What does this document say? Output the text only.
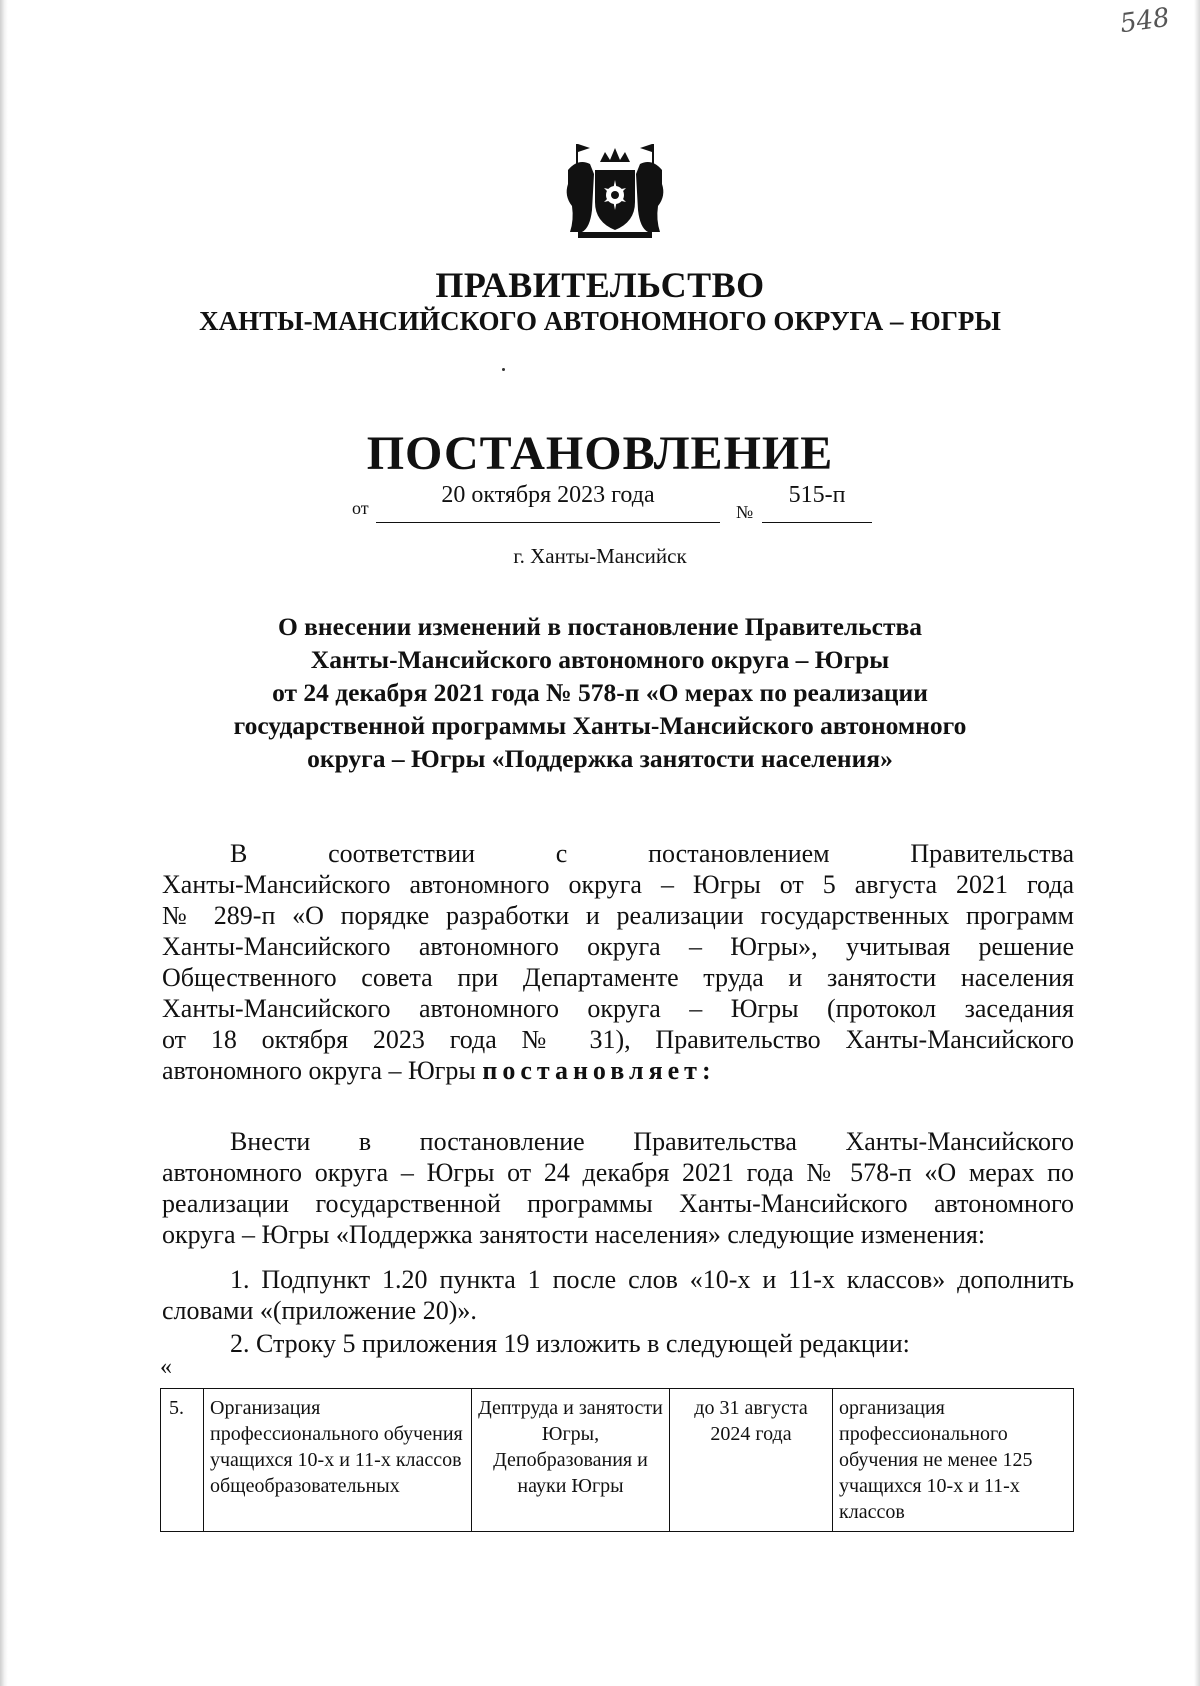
548
ПРАВИТЕЛЬСТВО
ХАНТЫ-МАНСИЙСКОГО АВТОНОМНОГО ОКРУГА – ЮГРЫ
ПОСТАНОВЛЕНИЕ
от	20 октября 2023 года
№
515-п
г. Ханты-Мансийск
О внесении изменений в постановление Правительства
Ханты-Мансийского автономного округа – Югры
от 24 декабря 2021 года № 578-п «О мерах по реализации
государственной программы Ханты-Мансийского автономного
округа – Югры «Поддержка занятости населения»
В соответствии с постановлением Правительства
Ханты-Мансийского автономного округа – Югры от 5 августа 2021 года
№ 289-п «О порядке разработки и реализации государственных программ
Ханты-Мансийского автономного округа – Югры», учитывая решение
Общественного совета при Департаменте труда и занятости населения
Ханты-Мансийского автономного округа – Югры (протокол заседания
от 18 октября 2023 года № 31), Правительство Ханты-Мансийского
автономного округа – Югры постановляет:
Внести в постановление Правительства Ханты-Мансийского
автономного округа – Югры от 24 декабря 2021 года № 578-п «О мерах по
реализации государственной программы Ханты-Мансийского автономного
округа – Югры «Поддержка занятости населения» следующие изменения:
1. Подпункт 1.20 пункта 1 после слов «10-х и 11-х классов» дополнить
словами «(приложение 20)».
2. Строку 5 приложения 19 изложить в следующей редакции:
«
5.	Организация профессионального обучения учащихся 10-х и 11-х классов общеобразовательных	Дептруда и занятости Югры, Депобразования и науки Югры	до 31 августа 2024 года	организация профессионального обучения не менее 125 учащихся 10-х и 11-х классов
